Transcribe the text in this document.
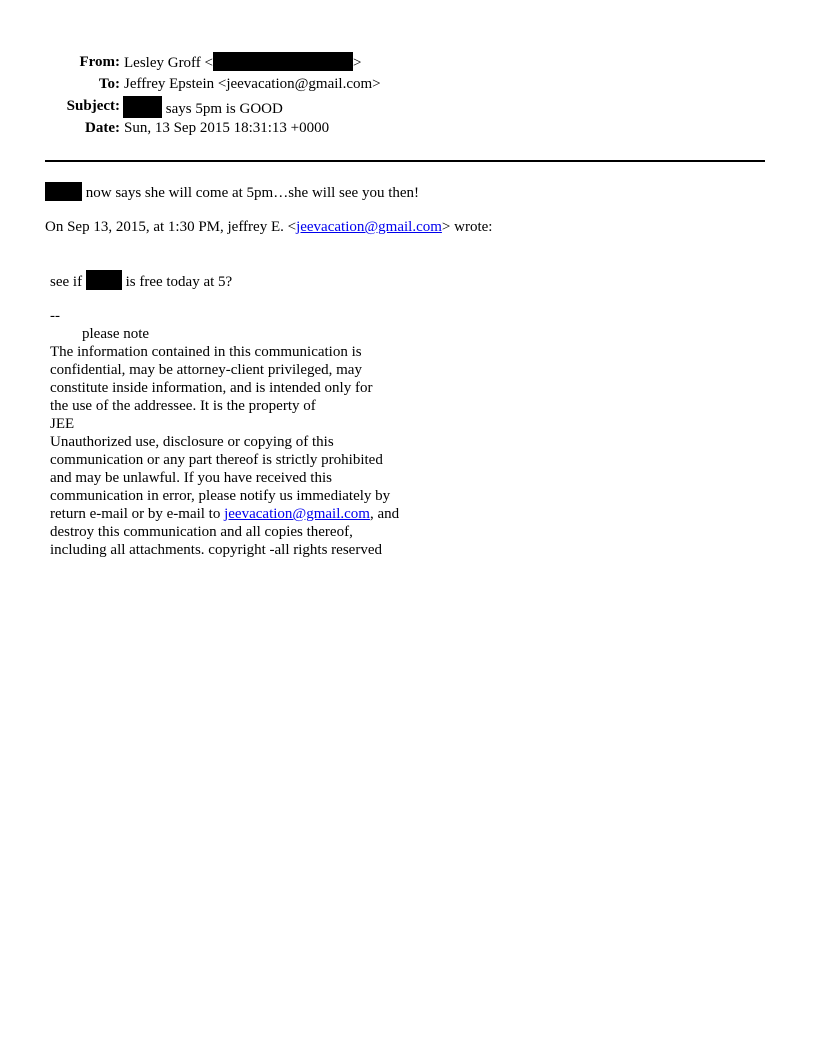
From: Lesley Groff <	>
To: Jeffrey Epstein <jeevacation@gmail.com>
Subject:	says 5pm is GOOD
Date: Sun, 13 Sep 2015 18:31:13 +0000
now says she will come at 5pm…she will see you then!
On Sep 13, 2015, at 1:30 PM, jeffrey E. <jeevacation@gmail.com> wrote:
see if	is free today at 5?
--
please note
The information contained in this communication is
confidential, may be attorney-client privileged, may
constitute inside information, and is intended only for
the use of the addressee. It is the property of
JEE
Unauthorized use, disclosure or copying of this
communication or any part thereof is strictly prohibited
and may be unlawful. If you have received this
communication in error, please notify us immediately by
return e-mail or by e-mail to jeevacation@gmail.com, and
destroy this communication and all copies thereof,
including all attachments. copyright -all rights reserved
